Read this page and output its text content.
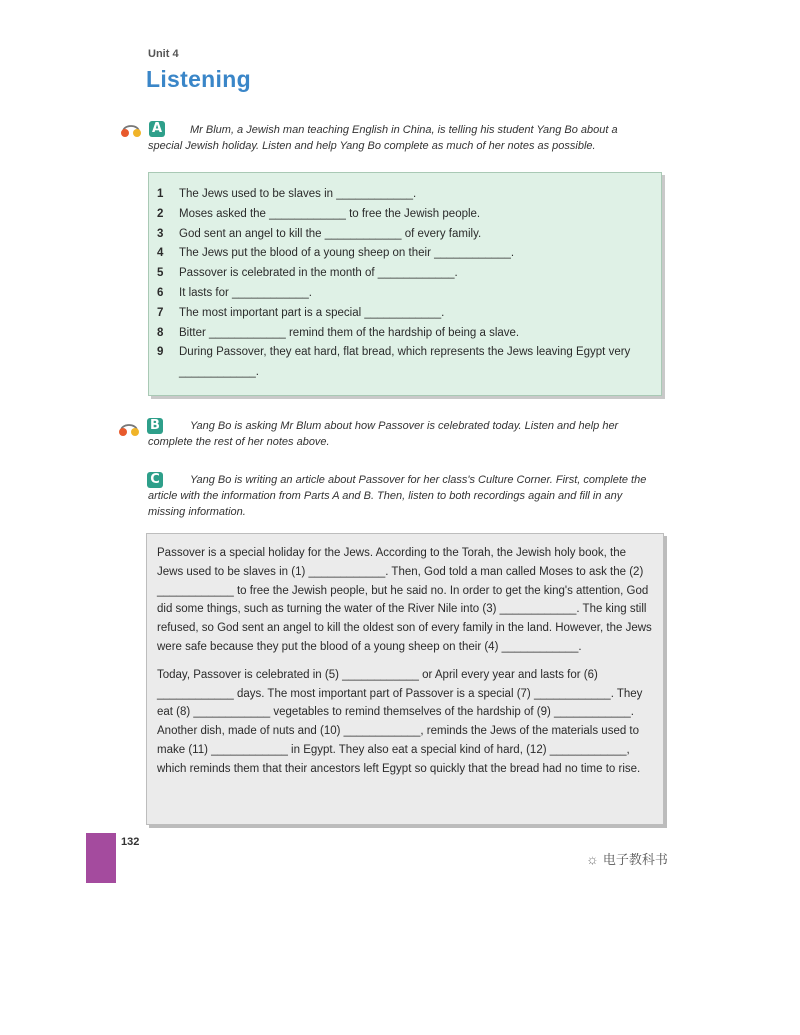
Unit 4
Listening
A	Mr Blum, a Jewish man teaching English in China, is telling his student Yang Bo about a special Jewish holiday. Listen and help Yang Bo complete as much of her notes as possible.

1	The Jews used to be slaves in ____________.
2	Moses asked the ____________ to free the Jewish people.
3	God sent an angel to kill the ____________ of every family.
4	The Jews put the blood of a young sheep on their ____________.
5	Passover is celebrated in the month of ____________.
6	It lasts for ____________.
7	The most important part is a special ____________.
8	Bitter ____________ remind them of the hardship of being a slave.
9	During Passover, they eat hard, flat bread, which represents the Jews leaving Egypt very ____________.
B	Yang Bo is asking Mr Blum about how Passover is celebrated today. Listen and help her complete the rest of her notes above.

C	Yang Bo is writing an article about Passover for her class's Culture Corner. First, complete the article with the information from Parts A and B. Then, listen to both recordings again and fill in any missing information.

Passover is a special holiday for the Jews. According to the Torah, the Jewish holy book, the Jews used to be slaves in (1) ____________. Then, God told a man called Moses to ask the (2) ____________ to free the Jewish people, but he said no. In order to get the king's attention, God did some things, such as turning the water of the River Nile into (3) ____________. The king still refused, so God sent an angel to kill the oldest son of every family in the land. However, the Jews were safe because they put the blood of a young sheep on their (4) ____________.

Today, Passover is celebrated in (5) ____________ or April every year and lasts for (6) ____________ days. The most important part of Passover is a special (7) ____________. They eat (8) ____________ vegetables to remind themselves of the hardship of (9) ____________. Another dish, made of nuts and (10) ____________, reminds the Jews of the materials used to make (11) ____________ in Egypt. They also eat a special kind of hard, (12) ____________, which reminds them that their ancestors left Egypt so quickly that the bread had no time to rise.

132
☼ 电子教科书
